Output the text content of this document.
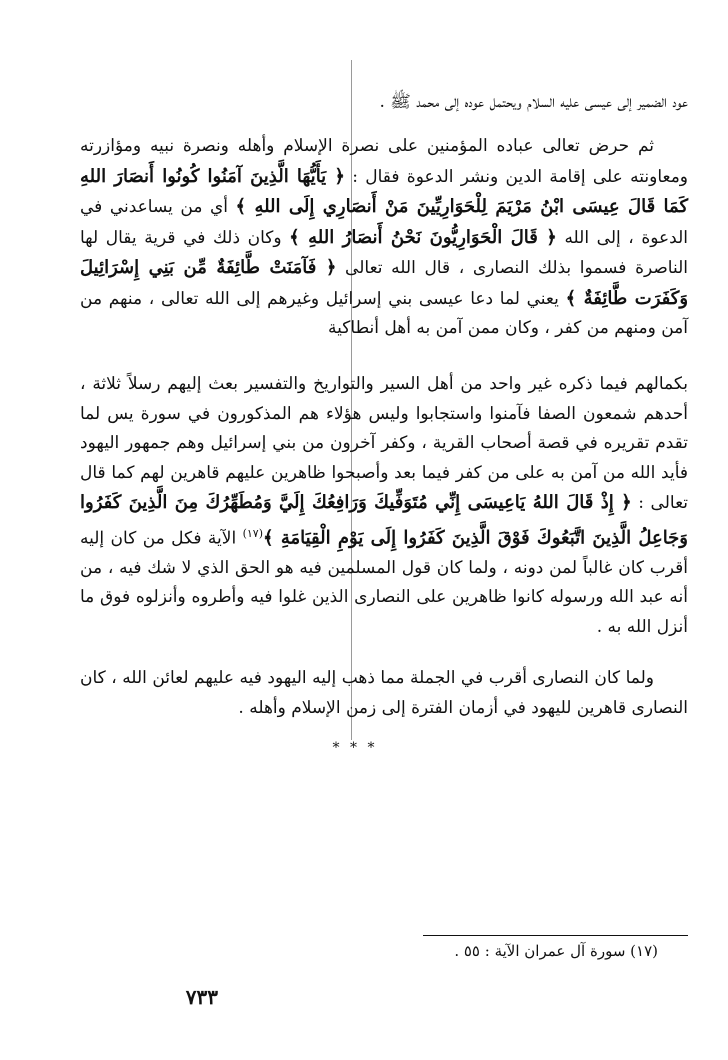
عود الضمير إلى عيسى عليه السلام ويحتمل عوده إلى محمد ﷺ .

ثم حرض تعالى عباده المؤمنين على نصرة الإسلام وأهله ونصرة نبيه ومؤازرته ومعاونته على إقامة الدين ونشر الدعوة فقال : ﴿ يَأَيُّهَا الَّذِينَ آمَنُوا كُونُوا أَنصَارَ اللهِ كَمَا قَالَ عِيسَى ابْنُ مَرْيَمَ لِلْحَوَارِيِّينَ مَنْ أَنصَارِي إِلَى اللهِ ﴾ أي من يساعدني في الدعوة ، إلى الله ﴿ قَالَ الْحَوَارِيُّونَ نَحْنُ أَنصَارُ اللهِ ﴾ وكان ذلك في قرية يقال لها الناصرة فسموا بذلك النصارى ، قال الله تعالى ﴿ فَآمَنَتْ طَّائِفَةٌ مِّن بَنِي إِسْرَائِيلَ وَكَفَرَت طَّائِفَةٌ ﴾ يعني لما دعا عيسى بني إسرائيل وغيرهم إلى الله تعالى ، منهم من آمن ومنهم من كفر ، وكان ممن آمن به أهل أنطاكية

بكمالهم فيما ذكره غير واحد من أهل السير والتواريخ والتفسير بعث إليهم رسلاً ثلاثة ، أحدهم شمعون الصفا فآمنوا واستجابوا وليس هؤلاء هم المذكورون في سورة يس لما تقدم تقريره في قصة أصحاب القرية ، وكفر آخرون من بني إسرائيل وهم جمهور اليهود فأيد الله من آمن به على من كفر فيما بعد وأصبحوا ظاهرين عليهم قاهرين لهم كما قال تعالى : ﴿ إِذْ قَالَ اللهُ يَاعِيسَى إِنِّي مُتَوَفِّيكَ وَرَافِعُكَ إِلَيَّ وَمُطَهِّرُكَ مِنَ الَّذِينَ كَفَرُوا وَجَاعِلُ الَّذِينَ اتَّبَعُوكَ فَوْقَ الَّذِينَ كَفَرُوا إِلَى يَوْمِ الْقِيَامَةِ ﴾$^{(١٧)}$ الآية فكل من كان إليه أقرب كان غالباً لمن دونه ، ولما كان قول المسلمين فيه هو الحق الذي لا شك فيه ، من أنه عبد الله ورسوله كانوا ظاهرين على النصارى الذين غلوا فيه وأطروه وأنزلوه فوق ما أنزل الله به .

ولما كان النصارى أقرب في الجملة مما ذهب إليه اليهود فيه عليهم لعائن الله ، كان النصارى قاهرين لليهود في أزمان الفترة إلى زمن الإسلام وأهله .

* * *
(١٧) سورة آل عمران الآية : ٥٥ .
٧٣٣
